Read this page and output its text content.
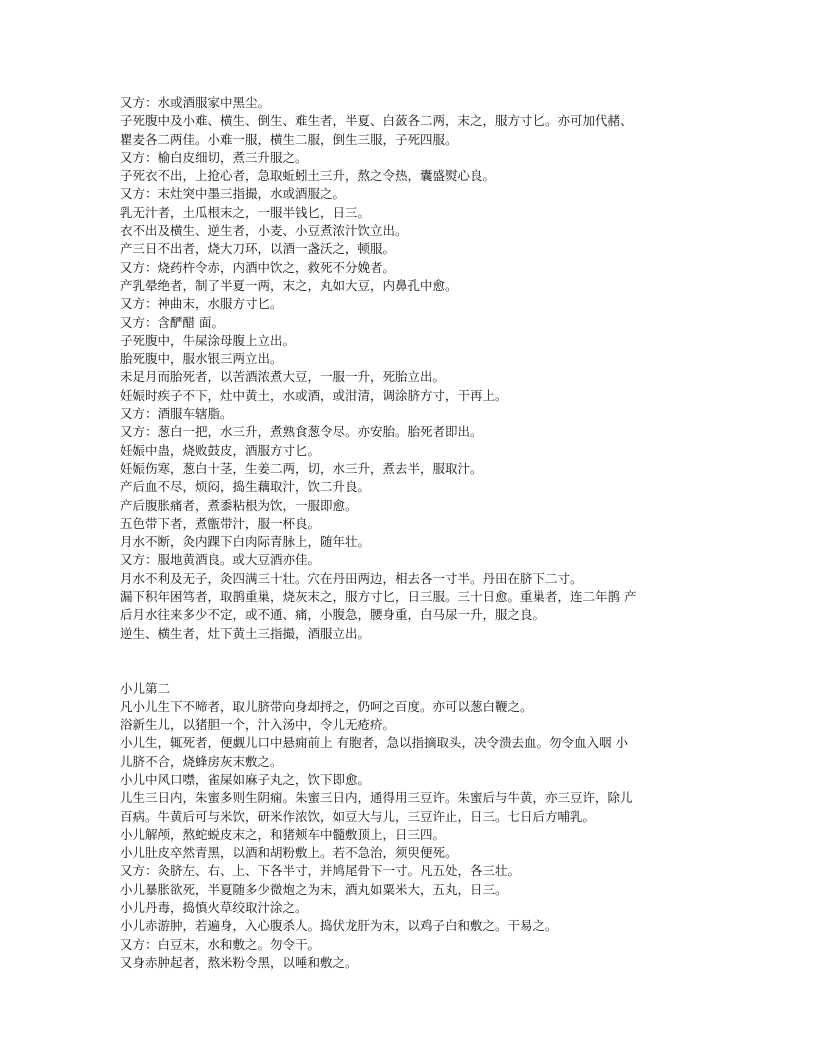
又方：水或酒服家中黑尘。
子死腹中及小难、横生、倒生、难生者，半夏、白蔹各二两，末之，服方寸匕。亦可加代赭、
瞿麦各二两佳。小难一服，横生二服，倒生三服，子死四服。
又方：榆白皮细切，煮三升服之。
子死衣不出，上抢心者，急取蚯蚓土三升，熬之令热，囊盛熨心良。
又方：末灶突中墨三指撮，水或酒服之。
乳无汁者，土瓜根末之，一服半钱匕，日三。
衣不出及横生、逆生者，小麦、小豆煮浓汁饮立出。
产三日不出者，烧大刀环，以酒一盏沃之，顿服。
又方：烧药杵令赤，内酒中饮之，救死不分娩者。
产乳晕绝者，制了半夏一两，末之，丸如大豆，内鼻孔中愈。
又方：神曲末，水服方寸匕。
又方：含酽醋 面。
子死腹中，牛屎涂母腹上立出。
胎死腹中，服水银三两立出。
未足月而胎死者，以苦酒浓煮大豆，一服一升，死胎立出。
妊娠时疾子不下，灶中黄土，水或酒，或泔清，调涂脐方寸，干再上。
又方：酒服车辖脂。
又方：葱白一把，水三升，煮熟食葱令尽。亦安胎。胎死者即出。
妊娠中蛊，烧败鼓皮，酒服方寸匕。
妊娠伤寒，葱白十茎，生姜二两，切，水三升，煮去半，服取汁。
产后血不尽，烦闷，捣生藕取汁，饮二升良。
产后腹胀痛者，煮黍粘根为饮，一服即愈。
五色带下者，煮甑带汁，服一杯良。
月水不断，灸内踝下白肉际青脉上，随年壮。
又方：服地黄酒良。或大豆酒亦佳。
月水不利及无子，灸四满三十壮。穴在丹田两边，相去各一寸半。丹田在脐下二寸。
漏下积年困笃者，取鹊重巢，烧灰末之，服方寸匕，日三服。三十日愈。重巢者，连二年鹊 产
后月水往来多少不定，或不通、痛，小腹急，腰身重，白马尿一升，服之良。
逆生、横生者，灶下黄土三指撮，酒服立出。
小儿第二
凡小儿生下不啼者，取儿脐带向身却捋之，仍呵之百度。亦可以葱白鞭之。
浴新生儿，以猪胆一个，汁入汤中，令儿无疮疥。
小儿生，辄死者，便觑儿口中悬痈前上 有胞者，急以指摘取头，决令溃去血。勿令血入咽 小
儿脐不合，烧蜂房灰末敷之。
小儿中风口噤，雀屎如麻子丸之，饮下即愈。
儿生三日内，朱蜜多则生阴痫。朱蜜三日内，通得用三豆许。朱蜜后与牛黄，亦三豆许，除儿
百病。牛黄后可与米饮，研米作浓饮，如豆大与儿，三豆许止，日三。七日后方哺乳。
小儿解颅，熬蛇蜕皮末之，和猪颊车中髓敷顶上，日三四。
小儿肚皮卒然青黑，以酒和胡粉敷上。若不急治，须臾便死。
又方：灸脐左、右、上、下各半寸，并鸠尾骨下一寸。凡五处，各三壮。
小儿暴胀欲死，半夏随多少微炮之为末，酒丸如粟米大，五丸，日三。
小儿丹毒，捣慎火草绞取汁涂之。
小儿赤游肿，若遍身，入心腹杀人。捣伏龙肝为末，以鸡子白和敷之。干易之。
又方：白豆末，水和敷之。勿令干。
又身赤肿起者，熬米粉令黑，以唾和敷之。
